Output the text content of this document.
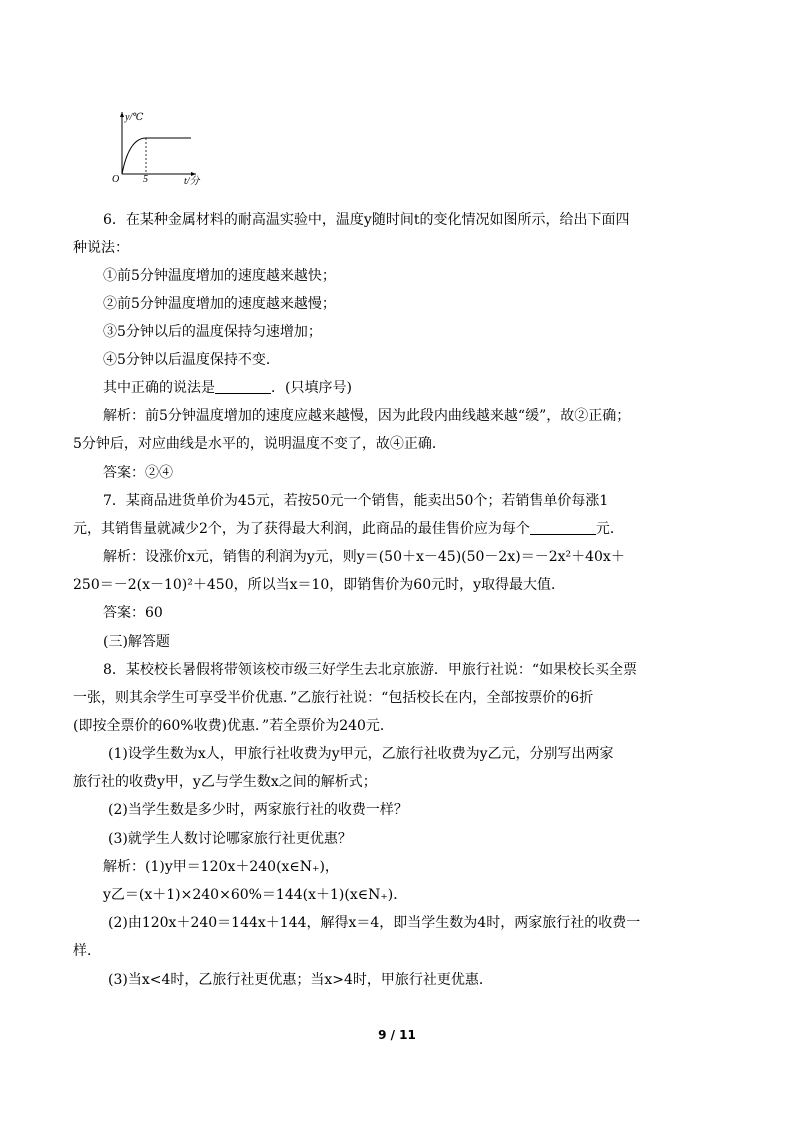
y/℃
O 5	t/分
6．在某种金属材料的耐高温实验中，温度y随时间t的变化情况如图所示，给出下面四
种说法：
①前5分钟温度增加的速度越来越快；
②前5分钟温度增加的速度越来越慢；
③5分钟以后的温度保持匀速增加；
④5分钟以后温度保持不变．
其中正确的说法是	．(只填序号)
解析：前5分钟温度增加的速度应越来越慢，因为此段内曲线越来越“缓”，故②正确；
5分钟后，对应曲线是水平的，说明温度不变了，故④正确．
答案：②④
7．某商品进货单价为45元，若按50元一个销售，能卖出50个；若销售单价每涨1
元，其销售量就减少2个，为了获得最大利润，此商品的最佳售价应为每个	元．
解析：设涨价x元，销售的利润为y元，则y＝(50＋x－45)(50－2x)＝－2x²＋40x＋
250＝－2(x－10)²＋450，所以当x＝10，即销售价为60元时，y取得最大值．
答案：60
(三)解答题
8．某校校长暑假将带领该校市级三好学生去北京旅游．甲旅行社说：“如果校长买全票
一张，则其余学生可享受半价优惠．”乙旅行社说：“包括校长在内，全部按票价的6折
(即按全票价的60%收费)优惠．”若全票价为240元．
(1)设学生数为x人，甲旅行社收费为y甲元，乙旅行社收费为y乙元，分别写出两家
旅行社的收费y甲，y乙与学生数x之间的解析式；
(2)当学生数是多少时，两家旅行社的收费一样？
(3)就学生人数讨论哪家旅行社更优惠？
解析：(1)y甲＝120x＋240(x∈N₊)，
y乙＝(x＋1)×240×60%＝144(x＋1)(x∈N₊)．
(2)由120x＋240＝144x＋144，解得x＝4，即当学生数为4时，两家旅行社的收费一
样．
(3)当x<4时，乙旅行社更优惠；当x>4时，甲旅行社更优惠．
9 / 11
